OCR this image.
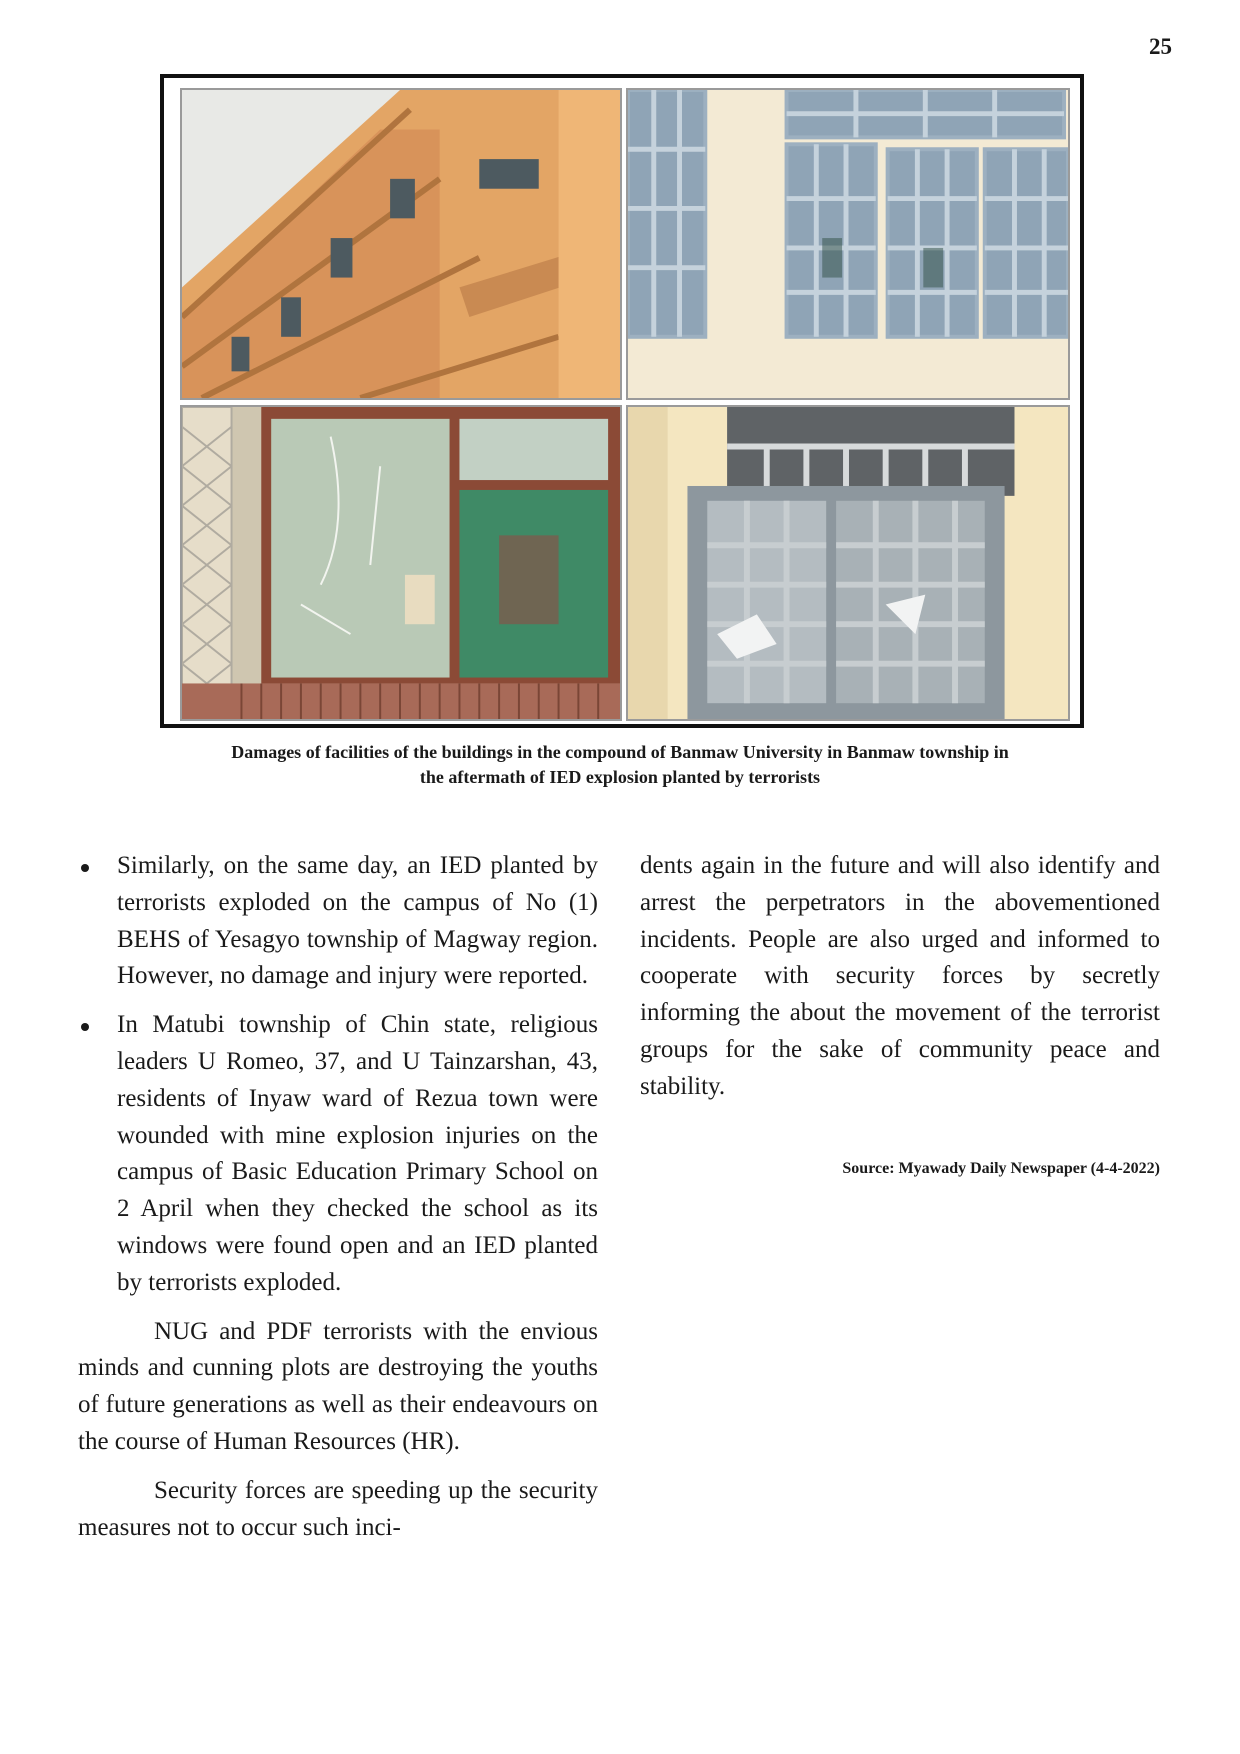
25
Damages of facilities of the buildings in the compound of Banmaw University in Banmaw township in
the aftermath of IED explosion planted by terrorists
Similarly, on the same day, an IED planted by terrorists exploded on the campus of No (1) BEHS of Yesagyo township of Magway region. However, no damage and injury were reported.
In Matubi township of Chin state, religious leaders U Romeo, 37, and U Tainzarshan, 43, residents of Inyaw ward of Rezua town were wounded with mine explosion injuries on the campus of Basic Education Primary School on 2 April when they checked the school as its windows were found open and an IED planted by terrorists exploded.

NUG and PDF terrorists with the envious minds and cunning plots are destroying the youths of future generations as well as their endeavours on the course of Human Resources (HR).

Security forces are speeding up the security measures not to occur such inci-

dents again in the future and will also identify and arrest the perpetrators in the abovementioned incidents. People are also urged and informed to cooperate with security forces by secretly informing the about the movement of the terrorist groups for the sake of community peace and stability.

Source: Myawady Daily Newspaper (4-4-2022)
